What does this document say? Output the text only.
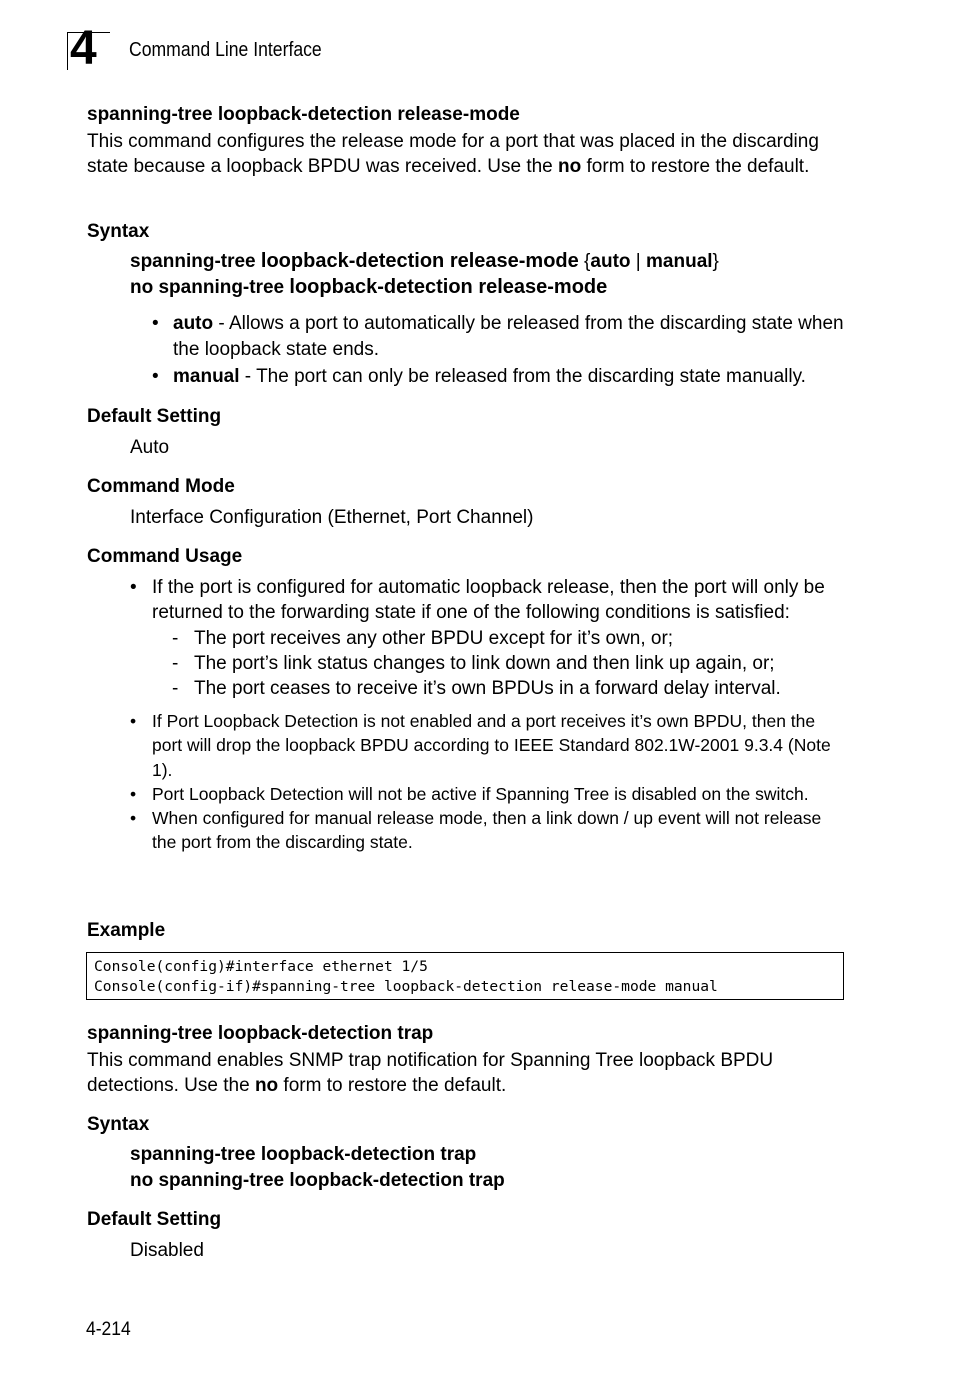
4 Command Line Interface
spanning-tree loopback-detection release-mode
This command configures the release mode for a port that was placed in the discarding state because a loopback BPDU was received. Use the no form to restore the default.
Syntax
spanning-tree loopback-detection release-mode {auto | manual}
no spanning-tree loopback-detection release-mode
• auto - Allows a port to automatically be released from the discarding state when the loopback state ends.
• manual - The port can only be released from the discarding state manually.
Default Setting
Auto
Command Mode
Interface Configuration (Ethernet, Port Channel)
Command Usage
• If the port is configured for automatic loopback release, then the port will only be returned to the forwarding state if one of the following conditions is satisfied:
- The port receives any other BPDU except for it’s own, or;
- The port’s link status changes to link down and then link up again, or;
- The port ceases to receive it’s own BPDUs in a forward delay interval.
• If Port Loopback Detection is not enabled and a port receives it’s own BPDU, then the port will drop the loopback BPDU according to IEEE Standard 802.1W-2001 9.3.4 (Note 1).
• Port Loopback Detection will not be active if Spanning Tree is disabled on the switch.
• When configured for manual release mode, then a link down / up event will not release the port from the discarding state.
Example
Console(config)#interface ethernet 1/5
Console(config-if)#spanning-tree loopback-detection release-mode manual
spanning-tree loopback-detection trap
This command enables SNMP trap notification for Spanning Tree loopback BPDU detections. Use the no form to restore the default.
Syntax
spanning-tree loopback-detection trap
no spanning-tree loopback-detection trap
Default Setting
Disabled
4-214
